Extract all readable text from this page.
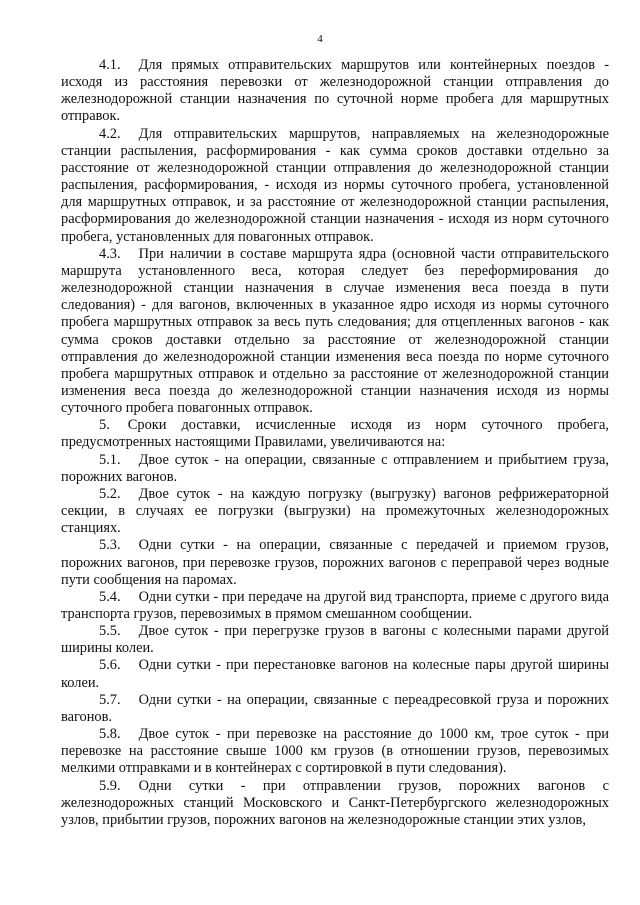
4

4.1. Для прямых отправительских маршрутов или контейнерных поездов - исходя из расстояния перевозки от железнодорожной станции отправления до железнодорожной станции назначения по суточной норме пробега для маршрутных отправок.

4.2. Для отправительских маршрутов, направляемых на железнодорожные станции распыления, расформирования - как сумма сроков доставки отдельно за расстояние от железнодорожной станции отправления до железнодорожной станции распыления, расформирования, - исходя из нормы суточного пробега, установленной для маршрутных отправок, и за расстояние от железнодорожной станции распыления, расформирования до железнодорожной станции назначения - исходя из норм суточного пробега, установленных для повагонных отправок.

4.3. При наличии в составе маршрута ядра (основной части отправительского маршрута установленного веса, которая следует без переформирования до железнодорожной станции назначения в случае изменения веса поезда в пути следования) - для вагонов, включенных в указанное ядро исходя из нормы суточного пробега маршрутных отправок за весь путь следования; для отцепленных вагонов - как сумма сроков доставки отдельно за расстояние от железнодорожной станции отправления до железнодорожной станции изменения веса поезда по норме суточного пробега маршрутных отправок и отдельно за расстояние от железнодорожной станции изменения веса поезда до железнодорожной станции назначения исходя из нормы суточного пробега повагонных отправок.

5. Сроки доставки, исчисленные исходя из норм суточного пробега, предусмотренных настоящими Правилами, увеличиваются на:

5.1. Двое суток - на операции, связанные с отправлением и прибытием груза, порожних вагонов.

5.2. Двое суток - на каждую погрузку (выгрузку) вагонов рефрижераторной секции, в случаях ее погрузки (выгрузки) на промежуточных железнодорожных станциях.

5.3. Одни сутки - на операции, связанные с передачей и приемом грузов, порожних вагонов, при перевозке грузов, порожних вагонов с переправой через водные пути сообщения на паромах.

5.4. Одни сутки - при передаче на другой вид транспорта, приеме с другого вида транспорта грузов, перевозимых в прямом смешанном сообщении.

5.5. Двое суток - при перегрузке грузов в вагоны с колесными парами другой ширины колеи.

5.6. Одни сутки - при перестановке вагонов на колесные пары другой ширины колеи.

5.7. Одни сутки - на операции, связанные с переадресовкой груза и порожних вагонов.

5.8. Двое суток - при перевозке на расстояние до 1000 км, трое суток - при перевозке на расстояние свыше 1000 км грузов (в отношении грузов, перевозимых мелкими отправками и в контейнерах с сортировкой в пути следования).

5.9. Одни сутки - при отправлении грузов, порожних вагонов с железнодорожных станций Московского и Санкт-Петербургского железнодорожных узлов, прибытии грузов, порожних вагонов на железнодорожные станции этих узлов,
